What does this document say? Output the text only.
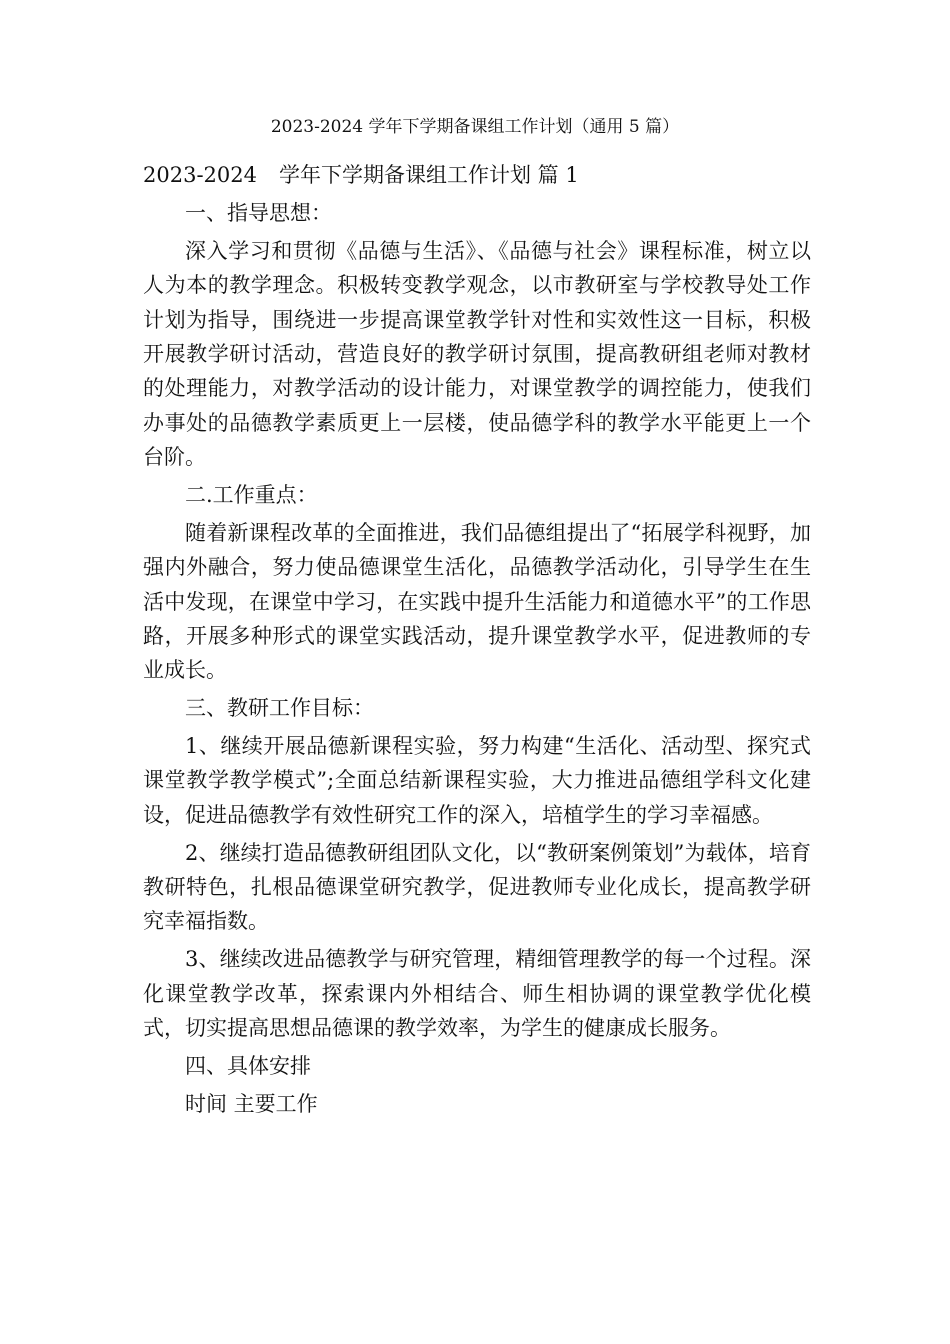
2023-2024 学年下学期备课组工作计划（通用 5 篇）
2023-2024 学年下学期备课组工作计划 篇 1

一、指导思想：

深入学习和贯彻《品德与生活》、《品德与社会》课程标准，树立以人为本的教学理念。积极转变教学观念，以市教研室与学校教导处工作计划为指导，围绕进一步提高课堂教学针对性和实效性这一目标，积极开展教学研讨活动，营造良好的教学研讨氛围，提高教研组老师对教材的处理能力，对教学活动的设计能力，对课堂教学的调控能力，使我们办事处的品德教学素质更上一层楼，使品德学科的教学水平能更上一个台阶。

二.工作重点：

随着新课程改革的全面推进，我们品德组提出了“拓展学科视野，加强内外融合，努力使品德课堂生活化，品德教学活动化，引导学生在生活中发现，在课堂中学习，在实践中提升生活能力和道德水平”的工作思路，开展多种形式的课堂实践活动，提升课堂教学水平，促进教师的专业成长。

三、教研工作目标：

1、继续开展品德新课程实验，努力构建“生活化、活动型、探究式课堂教学教学模式”;全面总结新课程实验，大力推进品德组学科文化建设，促进品德教学有效性研究工作的深入，培植学生的学习幸福感。

2、继续打造品德教研组团队文化，以“教研案例策划”为载体，培育教研特色，扎根品德课堂研究教学，促进教师专业化成长，提高教学研究幸福指数。

3、继续改进品德教学与研究管理，精细管理教学的每一个过程。深化课堂教学改革，探索课内外相结合、师生相协调的课堂教学优化模式，切实提高思想品德课的教学效率，为学生的健康成长服务。

四、具体安排

时间 主要工作
